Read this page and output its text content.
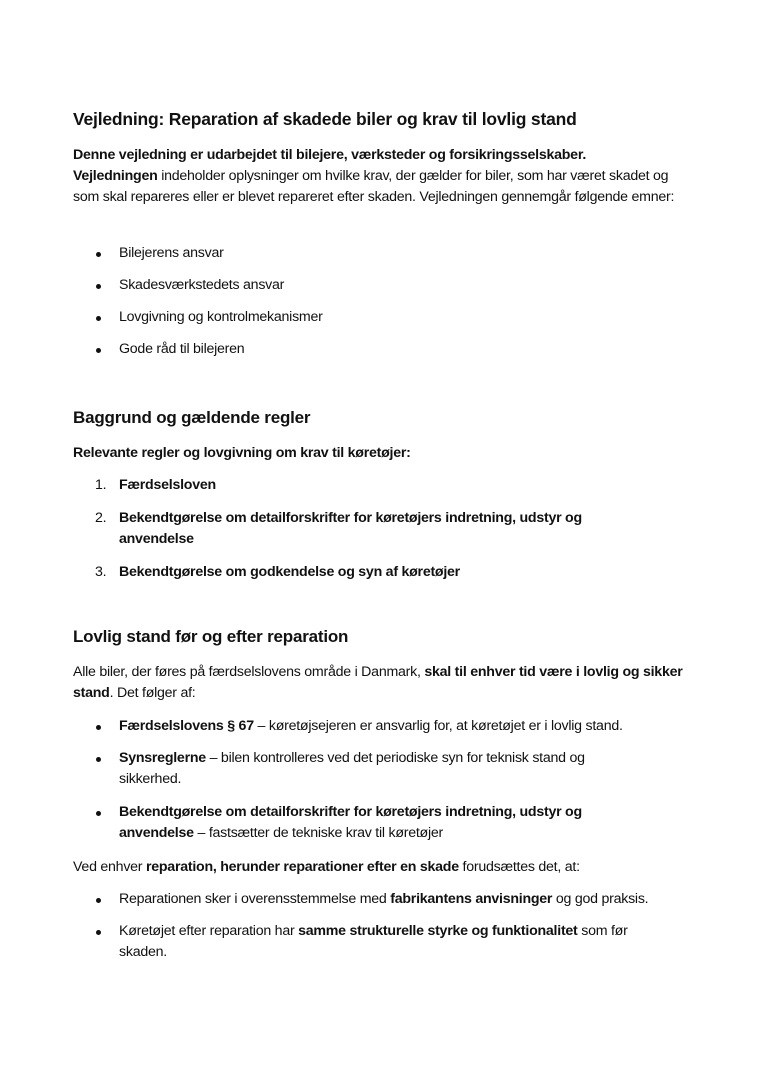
Vejledning: Reparation af skadede biler og krav til lovlig stand
Denne vejledning er udarbejdet til bilejere, værksteder og forsikringsselskaber.
Vejledningen indeholder oplysninger om hvilke krav, der gælder for biler, som har været skadet og som skal repareres eller er blevet repareret efter skaden. Vejledningen gennemgår følgende emner:
Bilejerens ansvar
Skadesværkstedets ansvar
Lovgivning og kontrolmekanismer
Gode råd til bilejeren
Baggrund og gældende regler
Relevante regler og lovgivning om krav til køretøjer:
1. Færdselsloven
2. Bekendtgørelse om detailforskrifter for køretøjers indretning, udstyr og anvendelse
3. Bekendtgørelse om godkendelse og syn af køretøjer
Lovlig stand før og efter reparation
Alle biler, der føres på færdselslovens område i Danmark, skal til enhver tid være i lovlig og sikker stand. Det følger af:
Færdselslovens § 67 – køretøjsejeren er ansvarlig for, at køretøjet er i lovlig stand.
Synsreglerne – bilen kontrolleres ved det periodiske syn for teknisk stand og sikkerhed.
Bekendtgørelse om detailforskrifter for køretøjers indretning, udstyr og anvendelse – fastsætter de tekniske krav til køretøjer
Ved enhver reparation, herunder reparationer efter en skade forudsættes det, at:
Reparationen sker i overensstemmelse med fabrikantens anvisninger og god praksis.
Køretøjet efter reparation har samme strukturelle styrke og funktionalitet som før skaden.
